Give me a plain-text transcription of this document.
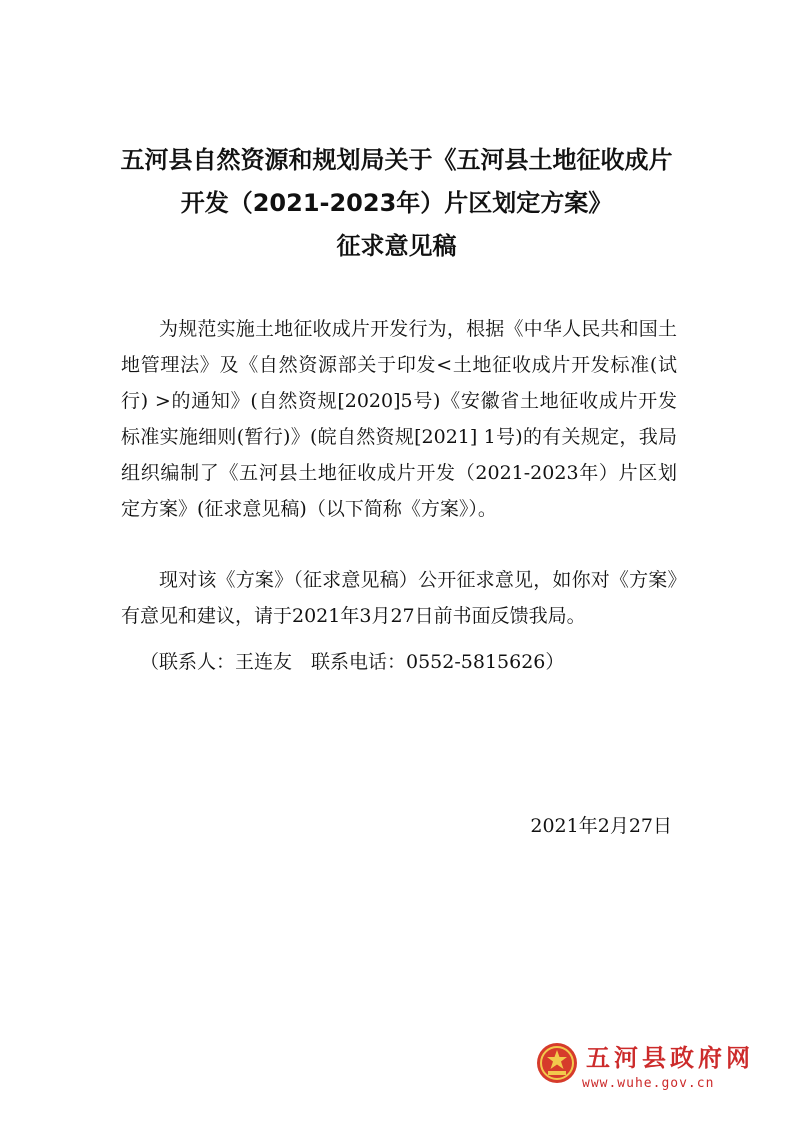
五河县自然资源和规划局关于《五河县土地征收成片
开发（2021-2023年）片区划定方案》
征求意见稿
为规范实施土地征收成片开发行为，根据《中华人民共和国土地管理法》及《自然资源部关于印发<土地征收成片开发标准(试行) >的通知》(自然资规[2020]5号)《安徽省土地征收成片开发标准实施细则(暂行)》(皖自然资规[2021] 1号)的有关规定，我局组织编制了《五河县土地征收成片开发（2021-2023年）片区划定方案》(征求意见稿)（以下简称《方案》）。
现对该《方案》（征求意见稿）公开征求意见，如你对《方案》有意见和建议，请于2021年3月27日前书面反馈我局。
（联系人：王连友　联系电话：0552-5815626）
2021年2月27日
五河县政府网
www.wuhe.gov.cn
